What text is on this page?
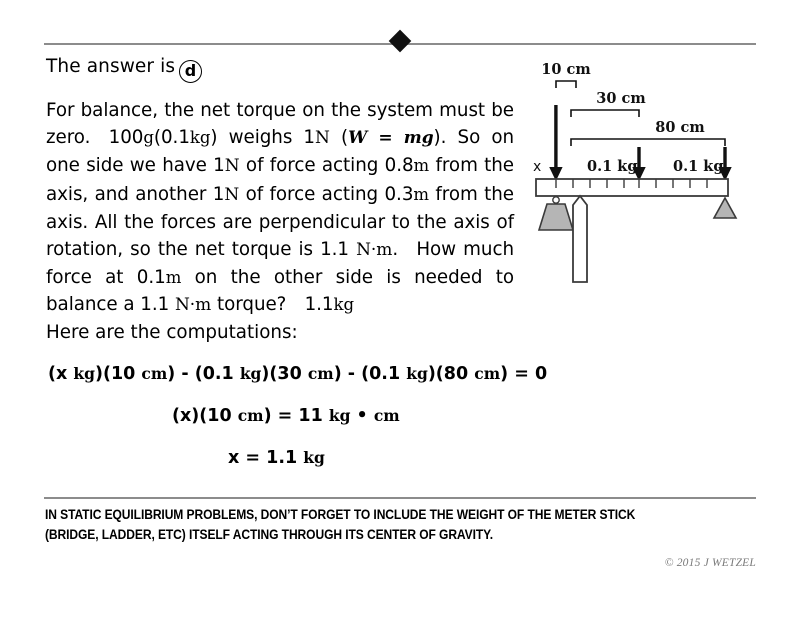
The answer is d
For balance, the net torque on the system must be zero. 100g(0.1kg) weighs 1N (W = mg). So on one side we have 1N of force acting 0.8m from the axis, and another 1N of force acting 0.3m from the axis. All the forces are perpendicular to the axis of rotation, so the net torque is 1.1 N·m. How much force at 0.1m on the other side is needed to balance a 1.1 N·m torque? 1.1kg
Here are the computations:
(x kg)(10 cm) - (0.1 kg)(30 cm) - (0.1 kg)(80 cm) = 0
(x)(10 cm) = 11 kg • cm
x = 1.1 kg
10 cm
30 cm
80 cm
x	0.1 kg 0.1 kg
IN STATIC EQUILIBRIUM PROBLEMS, DON’T FORGET TO INCLUDE THE WEIGHT OF THE METER STICK (BRIDGE, LADDER, ETC) ITSELF ACTING THROUGH ITS CENTER OF GRAVITY.
© 2015 J WETZEL
